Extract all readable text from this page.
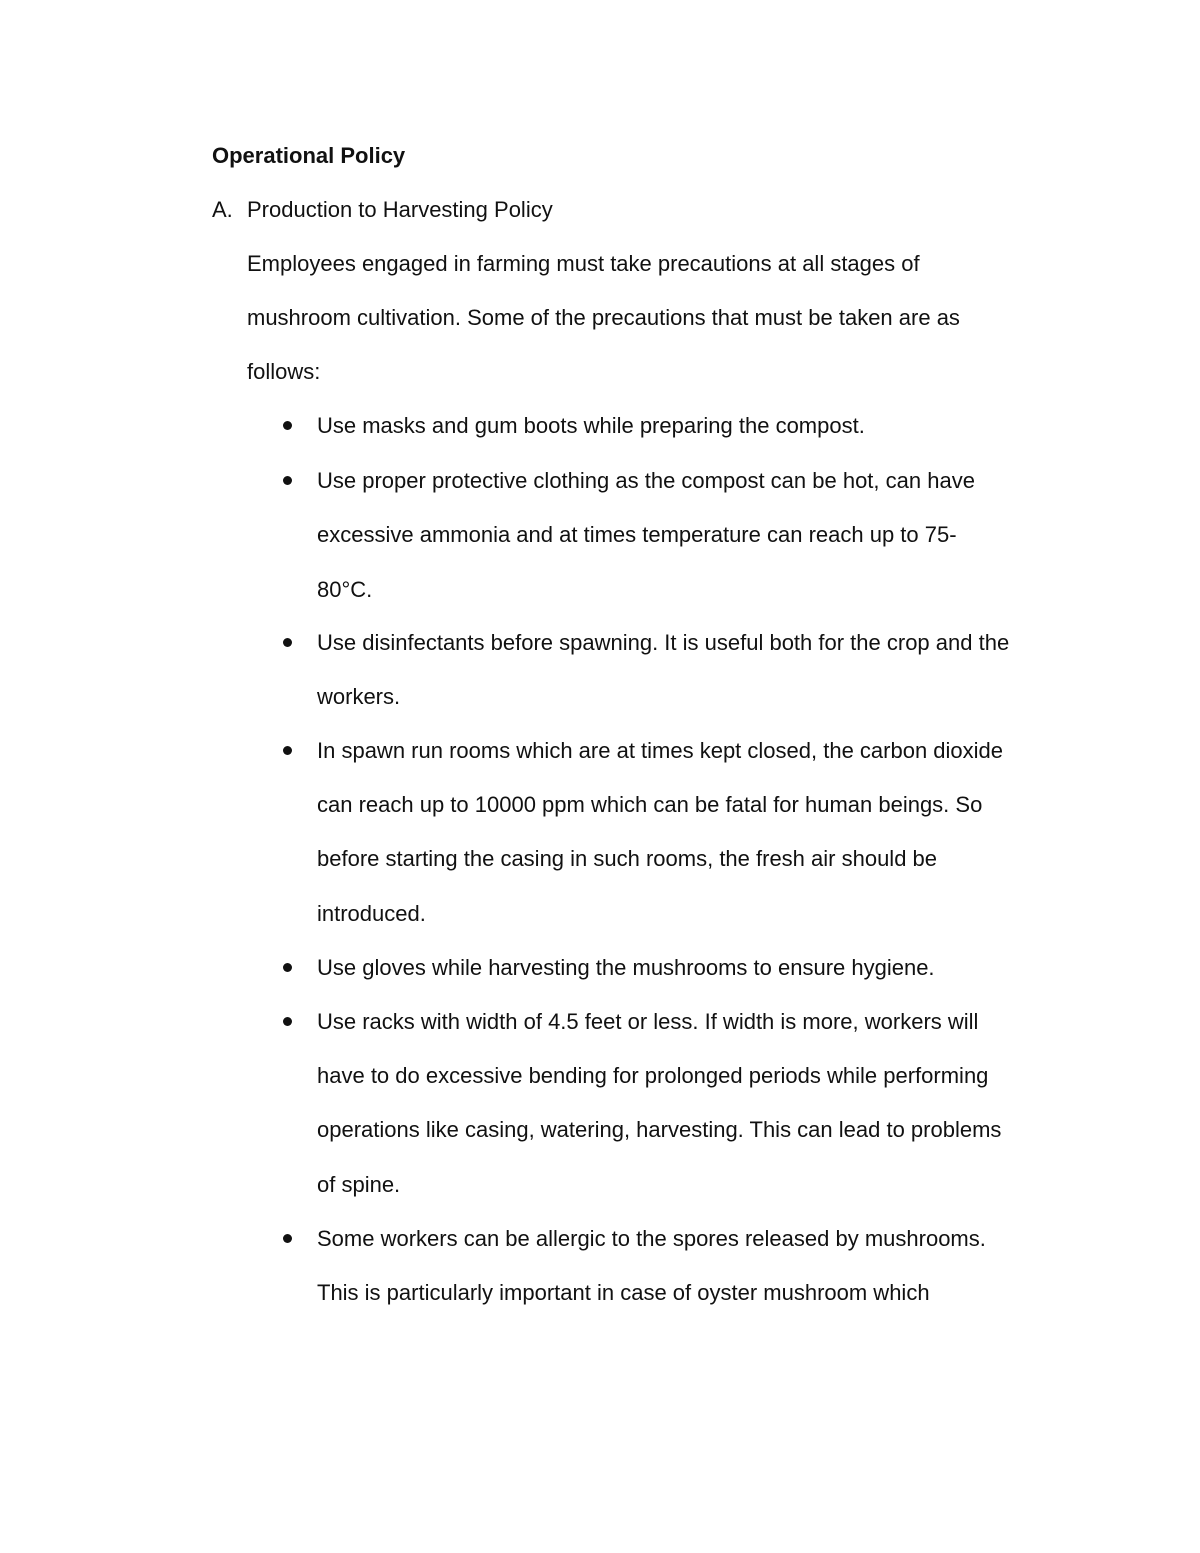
Operational Policy
A. Production to Harvesting Policy
Employees engaged in farming must take precautions at all stages of
mushroom cultivation. Some of the precautions that must be taken are as
follows:
Use masks and gum boots while preparing the compost.
Use proper protective clothing as the compost can be hot, can have
excessive ammonia and at times temperature can reach up to 75-
80°C.
Use disinfectants before spawning. It is useful both for the crop and the
workers.
In spawn run rooms which are at times kept closed, the carbon dioxide
can reach up to 10000 ppm which can be fatal for human beings. So
before starting the casing in such rooms, the fresh air should be
introduced.
Use gloves while harvesting the mushrooms to ensure hygiene.
Use racks with width of 4.5 feet or less. If width is more, workers will
have to do excessive bending for prolonged periods while performing
operations like casing, watering, harvesting. This can lead to problems
of spine.
Some workers can be allergic to the spores released by mushrooms.
This is particularly important in case of oyster mushroom which
